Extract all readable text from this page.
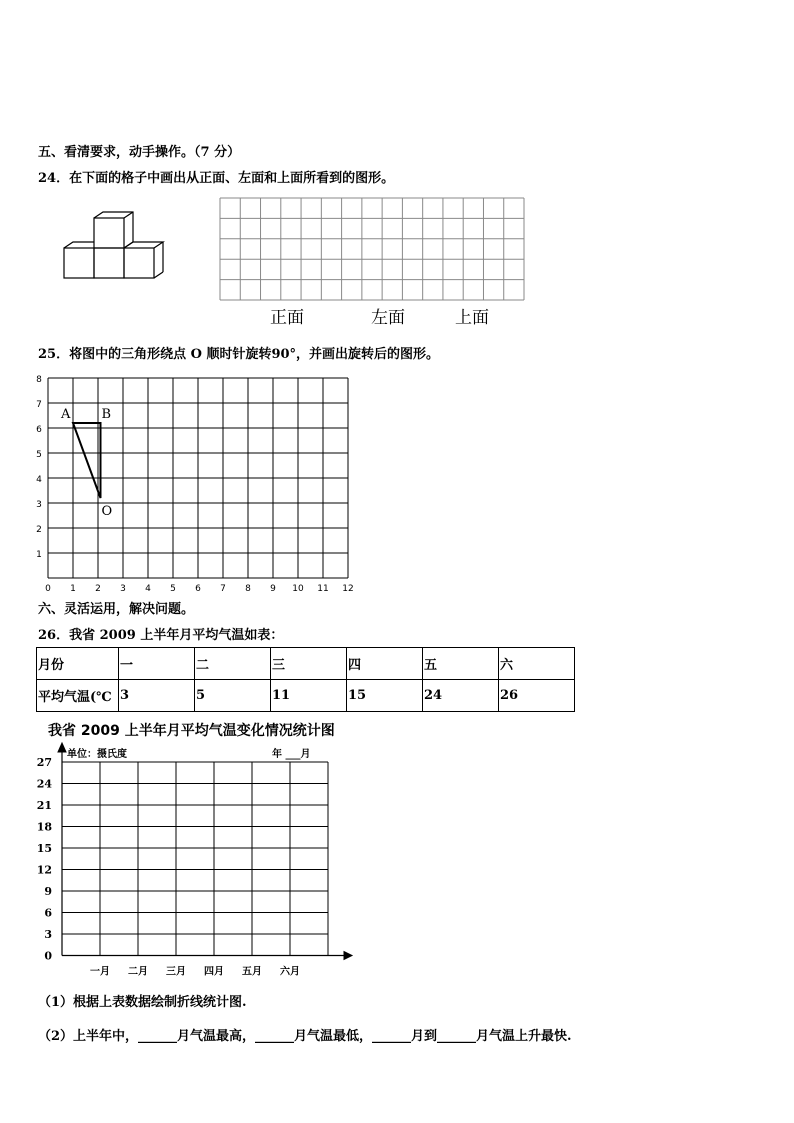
五、看清要求，动手操作。（7 分）
24．在下面的格子中画出从正面、左面和上面所看到的图形。
正面	左面	上面
25．将图中的三角形绕点 O 顺时针旋转90°，并画出旋转后的图形。
0 1 2 3 4 5 6 7 8 9 10 11 12
1
2
3
4
5
6
7
8
A B
O
六、灵活运用，解决问题。
26．我省 2009 上半年月平均气温如表：
月份	一	二	三	四	五	六
平均气温(℃	3	5	11	15	24	26
我省 2009 上半年月平均气温变化情况统计图
单位：摄氏度	年 ___月
27
24
21
18
15
12
9
6
3
0
一月 二月 三月 四月 五月 六月
（1）根据上表数据绘制折线统计图.
（2）上半年中，______月气温最高，______月气温最低，______月到______月气温上升最快.
